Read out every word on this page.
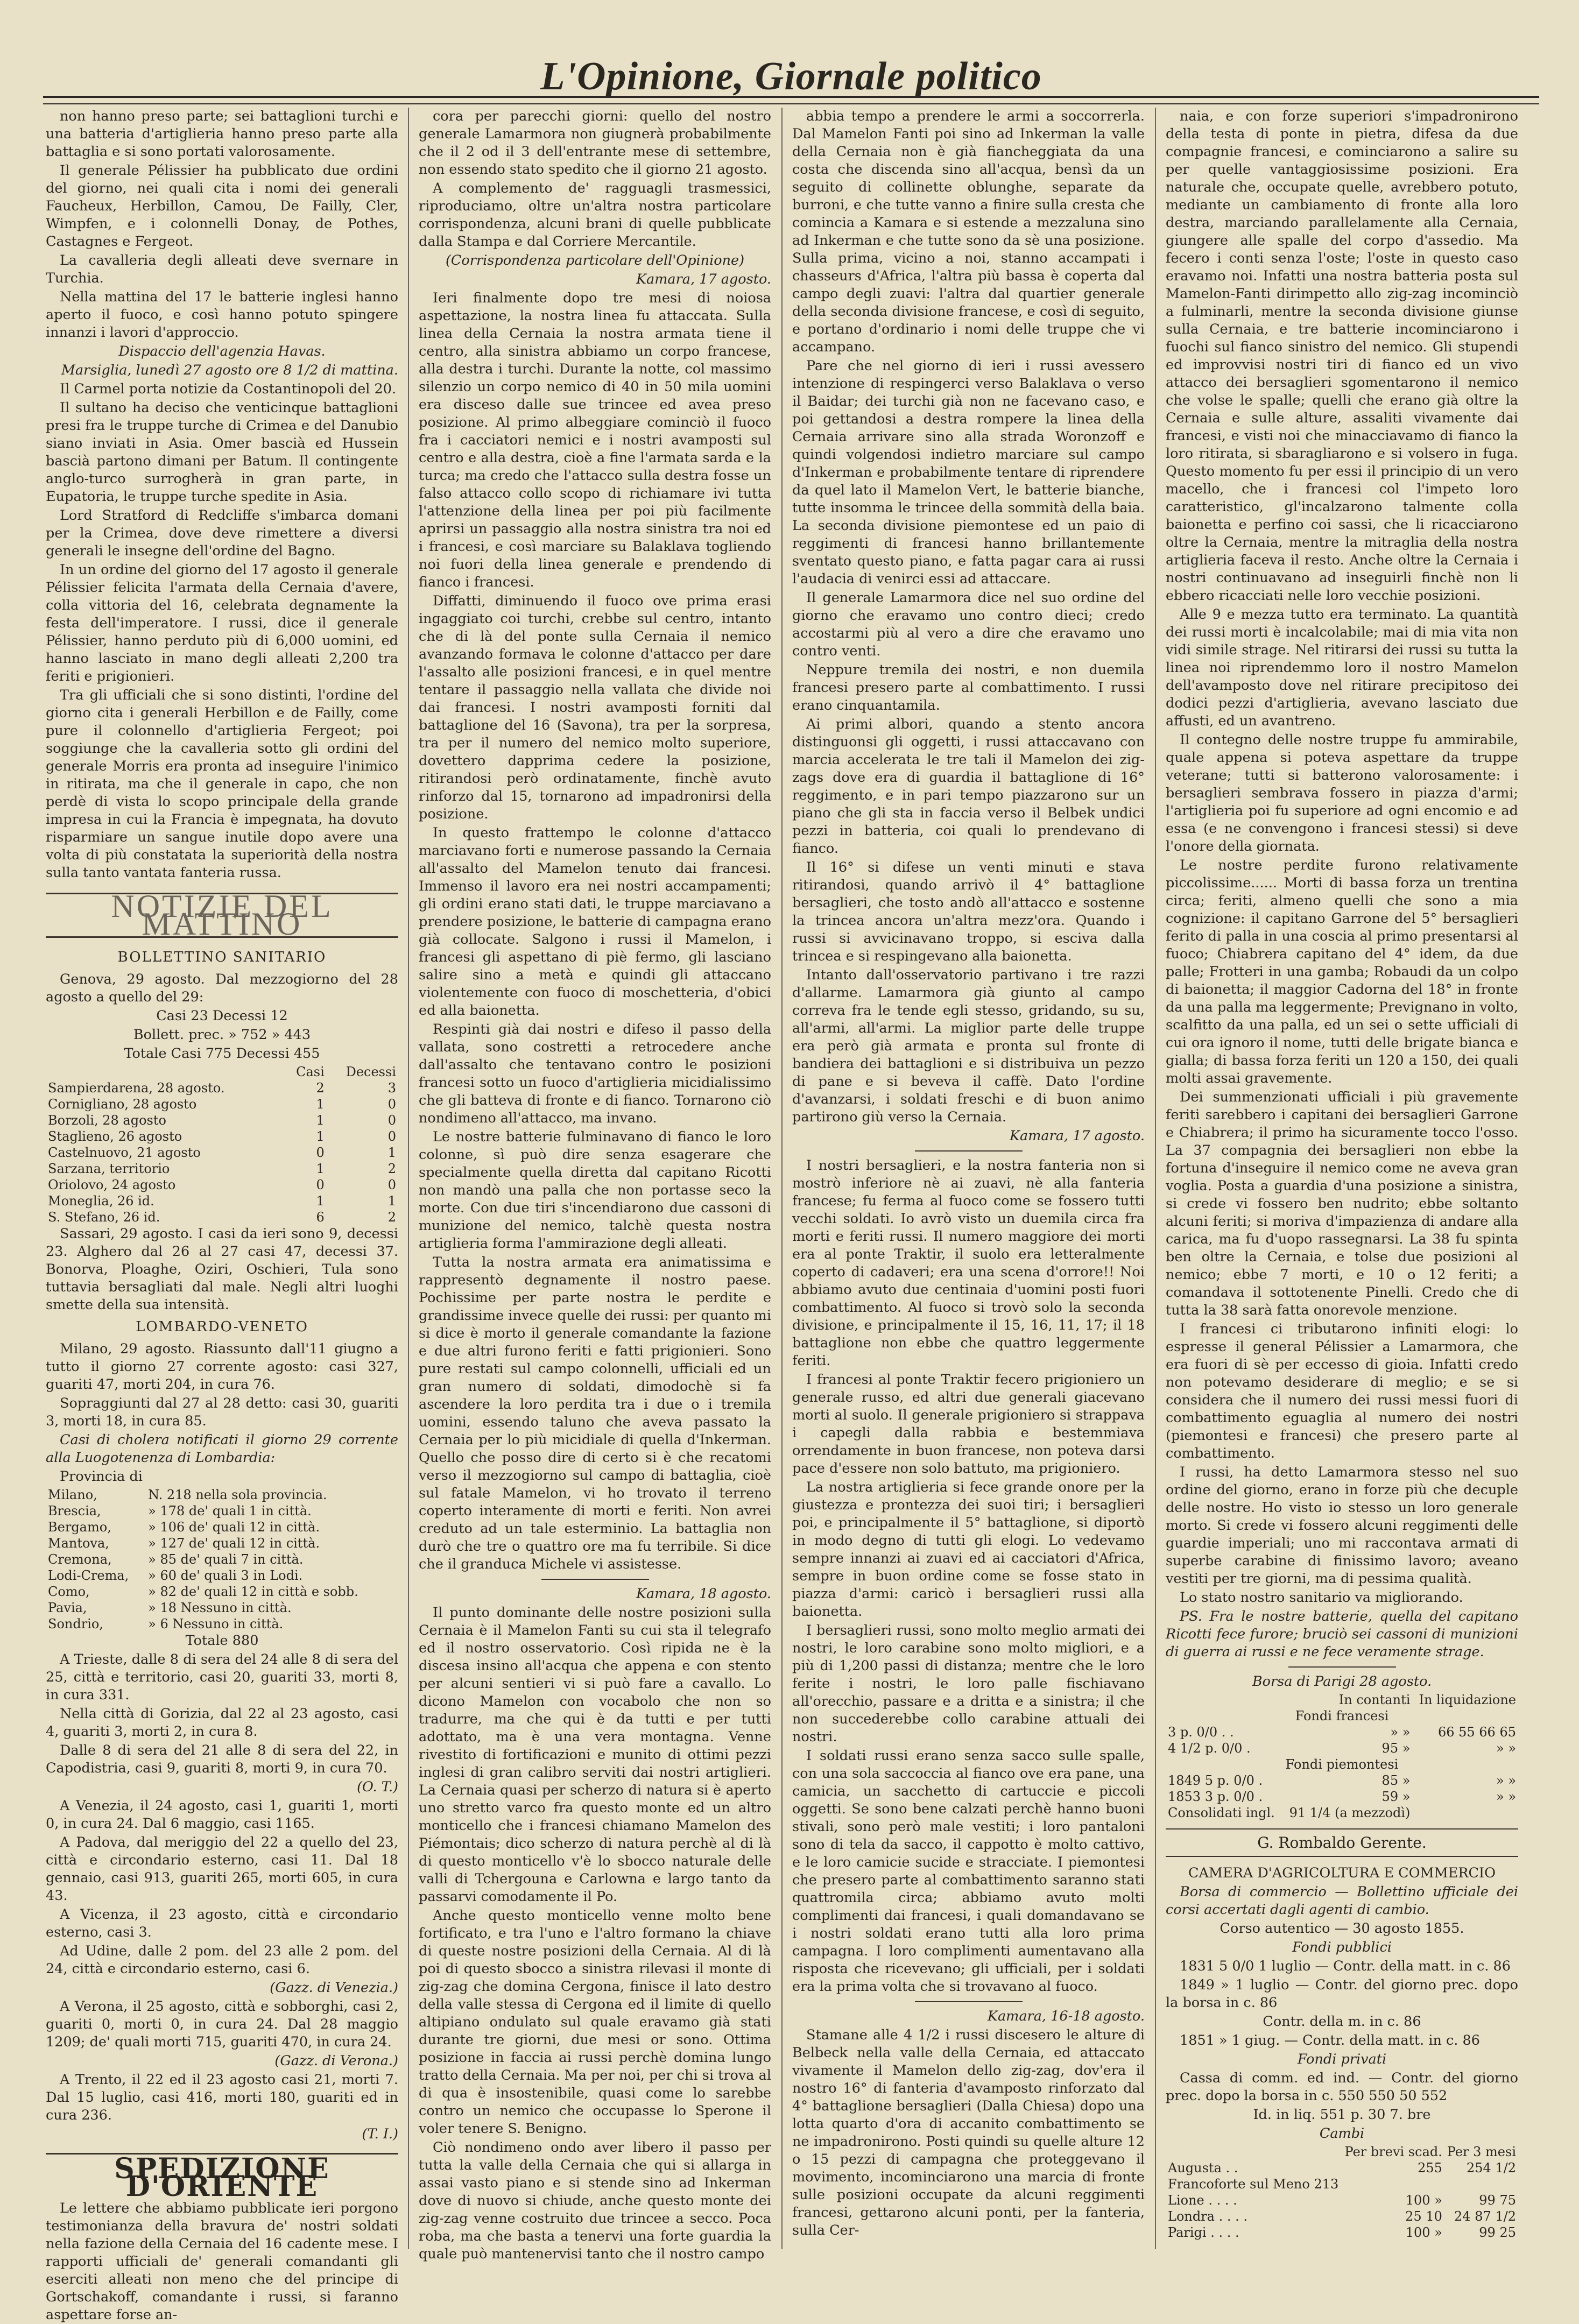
L'Opinione, Giornale politico

non hanno preso parte; sei battaglioni turchi e una batteria d'artiglieria hanno preso parte alla battaglia e si sono portati valorosamente.

Il generale Pélissier ha pubblicato due ordini del giorno, nei quali cita i nomi dei generali Faucheux, Herbillon, Camou, De Failly, Cler, Wimpfen, e i colonnelli Donay, de Pothes, Castagnes e Fergeot.

La cavalleria degli alleati deve svernare in Turchia.

Nella mattina del 17 le batterie inglesi hanno aperto il fuoco, e così hanno potuto spingere innanzi i lavori d'approccio.

Dispaccio dell'agenzia Havas.

Marsiglia, lunedì 27 agosto ore 8 1/2 di mattina.

Il Carmel porta notizie da Costantinopoli del 20.

Il sultano ha deciso che venticinque battaglioni presi fra le truppe turche di Crimea e del Danubio siano inviati in Asia. Omer bascià ed Hussein bascià partono dimani per Batum. Il contingente anglo-turco surrogherà in gran parte, in Eupatoria, le truppe turche spedite in Asia.

Lord Stratford di Redcliffe s'imbarca domani per la Crimea, dove deve rimettere a diversi generali le insegne dell'ordine del Bagno.

In un ordine del giorno del 17 agosto il generale Pélissier felicita l'armata della Cernaia d'avere, colla vittoria del 16, celebrata degnamente la festa dell'imperatore. I russi, dice il generale Pélissier, hanno perduto più di 6,000 uomini, ed hanno lasciato in mano degli alleati 2,200 tra feriti e prigionieri.

Tra gli ufficiali che si sono distinti, l'ordine del giorno cita i generali Herbillon e de Failly, come pure il colonnello d'artiglieria Fergeot; poi soggiunge che la cavalleria sotto gli ordini del generale Morris era pronta ad inseguire l'inimico in ritirata, ma che il generale in capo, che non perdè di vista lo scopo principale della grande impresa in cui la Francia è impegnata, ha dovuto risparmiare un sangue inutile dopo avere una volta di più constatata la superiorità della nostra sulla tanto vantata fanteria russa.

NOTIZIE DEL MATTINO
BOLLETTINO SANITARIO

Genova, 29 agosto. Dal mezzogiorno del 28 agosto a quello del 29:

Casi 23 Decessi 12

Bollett. prec. » 752 » 443

Totale Casi 775 Decessi 455

	Casi	Decessi
Sampierdarena, 28 agosto.	2	3
Cornigliano, 28 agosto	1	0
Borzoli, 28 agosto	1	0
Staglieno, 26 agosto	1	0
Castelnuovo, 21 agosto	0	1
Sarzana, territorio	1	2
Oriolovo, 24 agosto	0	0
Moneglia, 26 id.	1	1
S. Stefano, 26 id.	6	2

Sassari, 29 agosto. I casi da ieri sono 9, decessi 23. Alghero dal 26 al 27 casi 47, decessi 37. Bonorva, Ploaghe, Oziri, Oschieri, Tula sono tuttavia bersagliati dal male. Negli altri luoghi smette della sua intensità.

LOMBARDO-VENETO

Milano, 29 agosto. Riassunto dall'11 giugno a tutto il giorno 27 corrente agosto: casi 327, guariti 47, morti 204, in cura 76.

Sopraggiunti dal 27 al 28 detto: casi 30, guariti 3, morti 18, in cura 85.

Casi di cholera notificati il giorno 29 corrente alla Luogotenenza di Lombardia:

Provincia di

Milano,	N. 218 nella sola provincia.
Brescia,	» 178 de' quali 1 in città.
Bergamo,	» 106 de' quali 12 in città.
Mantova,	» 127 de' quali 12 in città.
Cremona,	» 85 de' quali 7 in città.
Lodi-Crema,	» 60 de' quali 3 in Lodi.
Como,	» 82 de' quali 12 in città e sobb.
Pavia,	» 18 Nessuno in città.
Sondrio,	» 6 Nessuno in città.

Totale 880

A Trieste, dalle 8 di sera del 24 alle 8 di sera del 25, città e territorio, casi 20, guariti 33, morti 8, in cura 331.

Nella città di Gorizia, dal 22 al 23 agosto, casi 4, guariti 3, morti 2, in cura 8.

Dalle 8 di sera del 21 alle 8 di sera del 22, in Capodistria, casi 9, guariti 8, morti 9, in cura 70.

(O. T.)

A Venezia, il 24 agosto, casi 1, guariti 1, morti 0, in cura 24. Dal 6 maggio, casi 1165.

A Padova, dal meriggio del 22 a quello del 23, città e circondario esterno, casi 11. Dal 18 gennaio, casi 913, guariti 265, morti 605, in cura 43.

A Vicenza, il 23 agosto, città e circondario esterno, casi 3.

Ad Udine, dalle 2 pom. del 23 alle 2 pom. del 24, città e circondario esterno, casi 6.

(Gazz. di Venezia.)

A Verona, il 25 agosto, città e sobborghi, casi 2, guariti 0, morti 0, in cura 24. Dal 28 maggio 1209; de' quali morti 715, guariti 470, in cura 24.

(Gazz. di Verona.)

A Trento, il 22 ed il 23 agosto casi 21, morti 7. Dal 15 luglio, casi 416, morti 180, guariti ed in cura 236.

(T. I.)

SPEDIZIONE D'ORIENTE

Le lettere che abbiamo pubblicate ieri porgono testimonianza della bravura de' nostri soldati nella fazione della Cernaia del 16 cadente mese. I rapporti ufficiali de' generali comandanti gli eserciti alleati non meno che del principe di Gortschakoff, comandante i russi, si faranno aspettare forse an-

cora per parecchi giorni: quello del nostro generale Lamarmora non giugnerà probabilmente che il 2 od il 3 dell'entrante mese di settembre, non essendo stato spedito che il giorno 21 agosto.

A complemento de' ragguagli trasmessici, riproduciamo, oltre un'altra nostra particolare corrispondenza, alcuni brani di quelle pubblicate dalla Stampa e dal Corriere Mercantile.

(Corrispondenza particolare dell'Opinione)

Kamara, 17 agosto.

Ieri finalmente dopo tre mesi di noiosa aspettazione, la nostra linea fu attaccata. Sulla linea della Cernaia la nostra armata tiene il centro, alla sinistra abbiamo un corpo francese, alla destra i turchi. Durante la notte, col massimo silenzio un corpo nemico di 40 in 50 mila uomini era disceso dalle sue trincee ed avea preso posizione. Al primo albeggiare cominciò il fuoco fra i cacciatori nemici e i nostri avamposti sul centro e alla destra, cioè a fine l'armata sarda e la turca; ma credo che l'attacco sulla destra fosse un falso attacco collo scopo di richiamare ivi tutta l'attenzione della linea per poi più facilmente aprirsi un passaggio alla nostra sinistra tra noi ed i francesi, e così marciare su Balaklava togliendo noi fuori della linea generale e prendendo di fianco i francesi.

Diffatti, diminuendo il fuoco ove prima erasi ingaggiato coi turchi, crebbe sul centro, intanto che di là del ponte sulla Cernaia il nemico avanzando formava le colonne d'attacco per dare l'assalto alle posizioni francesi, e in quel mentre tentare il passaggio nella vallata che divide noi dai francesi. I nostri avamposti forniti dal battaglione del 16 (Savona), tra per la sorpresa, tra per il numero del nemico molto superiore, dovettero dapprima cedere la posizione, ritirandosi però ordinatamente, finchè avuto rinforzo dal 15, tornarono ad impadronirsi della posizione.

In questo frattempo le colonne d'attacco marciavano forti e numerose passando la Cernaia all'assalto del Mamelon tenuto dai francesi. Immenso il lavoro era nei nostri accampamenti; gli ordini erano stati dati, le truppe marciavano a prendere posizione, le batterie di campagna erano già collocate. Salgono i russi il Mamelon, i francesi gli aspettano di piè fermo, gli lasciano salire sino a metà e quindi gli attaccano violentemente con fuoco di moschetteria, d'obici ed alla baionetta.

Respinti già dai nostri e difeso il passo della vallata, sono costretti a retrocedere anche dall'assalto che tentavano contro le posizioni francesi sotto un fuoco d'artiglieria micidialissimo che gli batteva di fronte e di fianco. Tornarono ciò nondimeno all'attacco, ma invano.

Le nostre batterie fulminavano di fianco le loro colonne, sì può dire senza esagerare che specialmente quella diretta dal capitano Ricotti non mandò una palla che non portasse seco la morte. Con due tiri s'incendiarono due cassoni di munizione del nemico, talchè questa nostra artiglieria forma l'ammirazione degli alleati.

Tutta la nostra armata era animatissima e rappresentò degnamente il nostro paese. Pochissime per parte nostra le perdite e grandissime invece quelle dei russi: per quanto mi si dice è morto il generale comandante la fazione e due altri furono feriti e fatti prigionieri. Sono pure restati sul campo colonnelli, ufficiali ed un gran numero di soldati, dimodochè si fa ascendere la loro perdita tra i due o i tremila uomini, essendo taluno che aveva passato la Cernaia per lo più micidiale di quella d'Inkerman. Quello che posso dire di certo si è che recatomi verso il mezzogiorno sul campo di battaglia, cioè sul fatale Mamelon, vi ho trovato il terreno coperto interamente di morti e feriti. Non avrei creduto ad un tale esterminio. La battaglia non durò che tre o quattro ore ma fu terribile. Si dice che il granduca Michele vi assistesse.

Kamara, 18 agosto.

Il punto dominante delle nostre posizioni sulla Cernaia è il Mamelon Fanti su cui sta il telegrafo ed il nostro osservatorio. Così ripida ne è la discesa insino all'acqua che appena e con stento per alcuni sentieri vi si può fare a cavallo. Lo dicono Mamelon con vocabolo che non so tradurre, ma che qui è da tutti e per tutti adottato, ma è una vera montagna. Venne rivestito di fortificazioni e munito di ottimi pezzi inglesi di gran calibro serviti dai nostri artiglieri. La Cernaia quasi per scherzo di natura si è aperto uno stretto varco fra questo monte ed un altro monticello che i francesi chiamano Mamelon des Piémontais; dico scherzo di natura perchè al di là di questo monticello v'è lo sbocco naturale delle valli di Tchergouna e Carlowna e largo tanto da passarvi comodamente il Po.

Anche questo monticello venne molto bene fortificato, e tra l'uno e l'altro formano la chiave di queste nostre posizioni della Cernaia. Al di là poi di questo sbocco a sinistra rilevasi il monte di zig-zag che domina Cergona, finisce il lato destro della valle stessa di Cergona ed il limite di quello altipiano ondulato sul quale eravamo già stati durante tre giorni, due mesi or sono. Ottima posizione in faccia ai russi perchè domina lungo tratto della Cernaia. Ma per noi, per chi si trova al di qua è insostenibile, quasi come lo sarebbe contro un nemico che occupasse lo Sperone il voler tenere S. Benigno.

Ciò nondimeno ondo aver libero il passo per tutta la valle della Cernaia che qui si allarga in assai vasto piano e si stende sino ad Inkerman dove di nuovo si chiude, anche questo monte dei zig-zag venne costruito due trincee a secco. Poca roba, ma che basta a tenervi una forte guardia la quale può mantenervisi tanto che il nostro campo

abbia tempo a prendere le armi a soccorrerla. Dal Mamelon Fanti poi sino ad Inkerman la valle della Cernaia non è già fiancheggiata da una costa che discenda sino all'acqua, bensì da un seguito di collinette oblunghe, separate da burroni, e che tutte vanno a finire sulla cresta che comincia a Kamara e si estende a mezzaluna sino ad Inkerman e che tutte sono da sè una posizione. Sulla prima, vicino a noi, stanno accampati i chasseurs d'Africa, l'altra più bassa è coperta dal campo degli zuavi: l'altra dal quartier generale della seconda divisione francese, e così di seguito, e portano d'ordinario i nomi delle truppe che vi accampano.

Pare che nel giorno di ieri i russi avessero intenzione di respingerci verso Balaklava o verso il Baidar; dei turchi già non ne facevano caso, e poi gettandosi a destra rompere la linea della Cernaia arrivare sino alla strada Woronzoff e quindi volgendosi indietro marciare sul campo d'Inkerman e probabilmente tentare di riprendere da quel lato il Mamelon Vert, le batterie bianche, tutte insomma le trincee della sommità della baia. La seconda divisione piemontese ed un paio di reggimenti di francesi hanno brillantemente sventato questo piano, e fatta pagar cara ai russi l'audacia di venirci essi ad attaccare.

Il generale Lamarmora dice nel suo ordine del giorno che eravamo uno contro dieci; credo accostarmi più al vero a dire che eravamo uno contro venti.

Neppure tremila dei nostri, e non duemila francesi presero parte al combattimento. I russi erano cinquantamila.

Ai primi albori, quando a stento ancora distinguonsi gli oggetti, i russi attaccavano con marcia accelerata le tre tali il Mamelon dei zig-zags dove era di guardia il battaglione di 16° reggimento, e in pari tempo piazzarono sur un piano che gli sta in faccia verso il Belbek undici pezzi in batteria, coi quali lo prendevano di fianco.

Il 16° si difese un venti minuti e stava ritirandosi, quando arrivò il 4° battaglione bersaglieri, che tosto andò all'attacco e sostenne la trincea ancora un'altra mezz'ora. Quando i russi si avvicinavano troppo, si esciva dalla trincea e si respingevano alla baionetta.

Intanto dall'osservatorio partivano i tre razzi d'allarme. Lamarmora già giunto al campo correva fra le tende egli stesso, gridando, su su, all'armi, all'armi. La miglior parte delle truppe era però già armata e pronta sul fronte di bandiera dei battaglioni e si distribuiva un pezzo di pane e si beveva il caffè. Dato l'ordine d'avanzarsi, i soldati freschi e di buon animo partirono giù verso la Cernaia.

Kamara, 17 agosto.

I nostri bersaglieri, e la nostra fanteria non si mostrò inferiore nè ai zuavi, nè alla fanteria francese; fu ferma al fuoco come se fossero tutti vecchi soldati. Io avrò visto un duemila circa fra morti e feriti russi. Il numero maggiore dei morti era al ponte Traktir, il suolo era letteralmente coperto di cadaveri; era una scena d'orrore!! Noi abbiamo avuto due centinaia d'uomini posti fuori combattimento. Al fuoco si trovò solo la seconda divisione, e principalmente il 15, 16, 11, 17; il 18 battaglione non ebbe che quattro leggermente feriti.

I francesi al ponte Traktir fecero prigioniero un generale russo, ed altri due generali giacevano morti al suolo. Il generale prigioniero si strappava i capegli dalla rabbia e bestemmiava orrendamente in buon francese, non poteva darsi pace d'essere non solo battuto, ma prigioniero.

La nostra artiglieria si fece grande onore per la giustezza e prontezza dei suoi tiri; i bersaglieri poi, e principalmente il 5° battaglione, si diportò in modo degno di tutti gli elogi. Lo vedevamo sempre innanzi ai zuavi ed ai cacciatori d'Africa, sempre in buon ordine come se fosse stato in piazza d'armi: caricò i bersaglieri russi alla baionetta.

I bersaglieri russi, sono molto meglio armati dei nostri, le loro carabine sono molto migliori, e a più di 1,200 passi di distanza; mentre che le loro ferite i nostri, le loro palle fischiavano all'orecchio, passare e a dritta e a sinistra; il che non succederebbe collo carabine attuali dei nostri.

I soldati russi erano senza sacco sulle spalle, con una sola saccoccia al fianco ove era pane, una camicia, un sacchetto di cartuccie e piccoli oggetti. Se sono bene calzati perchè hanno buoni stivali, sono però male vestiti; i loro pantaloni sono di tela da sacco, il cappotto è molto cattivo, e le loro camicie sucide e stracciate. I piemontesi che presero parte al combattimento saranno stati quattromila circa; abbiamo avuto molti complimenti dai francesi, i quali domandavano se i nostri soldati erano tutti alla loro prima campagna. I loro complimenti aumentavano alla risposta che ricevevano; gli ufficiali, per i soldati era la prima volta che si trovavano al fuoco.

Kamara, 16-18 agosto.

Stamane alle 4 1/2 i russi discesero le alture di Belbeck nella valle della Cernaia, ed attaccato vivamente il Mamelon dello zig-zag, dov'era il nostro 16° di fanteria d'avamposto rinforzato dal 4° battaglione bersaglieri (Dalla Chiesa) dopo una lotta quarto d'ora di accanito combattimento se ne impadronirono. Posti quindi su quelle alture 12 o 15 pezzi di campagna che proteggevano il movimento, incominciarono una marcia di fronte sulle posizioni occupate da alcuni reggimenti francesi, gettarono alcuni ponti, per la fanteria, sulla Cer-

naia, e con forze superiori s'impadronirono della testa di ponte in pietra, difesa da due compagnie francesi, e cominciarono a salire su per quelle vantaggiosissime posizioni. Era naturale che, occupate quelle, avrebbero potuto, mediante un cambiamento di fronte alla loro destra, marciando parallelamente alla Cernaia, giungere alle spalle del corpo d'assedio. Ma fecero i conti senza l'oste; l'oste in questo caso eravamo noi. Infatti una nostra batteria posta sul Mamelon-Fanti dirimpetto allo zig-zag incominciò a fulminarli, mentre la seconda divisione giunse sulla Cernaia, e tre batterie incominciarono i fuochi sul fianco sinistro del nemico. Gli stupendi ed improvvisi nostri tiri di fianco ed un vivo attacco dei bersaglieri sgomentarono il nemico che volse le spalle; quelli che erano già oltre la Cernaia e sulle alture, assaliti vivamente dai francesi, e visti noi che minacciavamo di fianco la loro ritirata, si sbaragliarono e si volsero in fuga. Questo momento fu per essi il principio di un vero macello, che i francesi col l'impeto loro caratteristico, gl'incalzarono talmente colla baionetta e perfino coi sassi, che li ricacciarono oltre la Cernaia, mentre la mitraglia della nostra artiglieria faceva il resto. Anche oltre la Cernaia i nostri continuavano ad inseguirli finchè non li ebbero ricacciati nelle loro vecchie posizioni.

Alle 9 e mezza tutto era terminato. La quantità dei russi morti è incalcolabile; mai di mia vita non vidi simile strage. Nel ritirarsi dei russi su tutta la linea noi riprendemmo loro il nostro Mamelon dell'avamposto dove nel ritirare precipitoso dei dodici pezzi d'artiglieria, avevano lasciato due affusti, ed un avantreno.

Il contegno delle nostre truppe fu ammirabile, quale appena si poteva aspettare da truppe veterane; tutti si batterono valorosamente: i bersaglieri sembrava fossero in piazza d'armi; l'artiglieria poi fu superiore ad ogni encomio e ad essa (e ne convengono i francesi stessi) si deve l'onore della giornata.

Le nostre perdite furono relativamente piccolissime...... Morti di bassa forza un trentina circa; feriti, almeno quelli che sono a mia cognizione: il capitano Garrone del 5° bersaglieri ferito di palla in una coscia al primo presentarsi al fuoco; Chiabrera capitano del 4° idem, da due palle; Frotteri in una gamba; Robaudi da un colpo di baionetta; il maggior Cadorna del 18° in fronte da una palla ma leggermente; Prevignano in volto, scalfitto da una palla, ed un sei o sette ufficiali di cui ora ignoro il nome, tutti delle brigate bianca e gialla; di bassa forza feriti un 120 a 150, dei quali molti assai gravemente.

Dei summenzionati ufficiali i più gravemente feriti sarebbero i capitani dei bersaglieri Garrone e Chiabrera; il primo ha sicuramente tocco l'osso. La 37 compagnia dei bersaglieri non ebbe la fortuna d'inseguire il nemico come ne aveva gran voglia. Posta a guardia d'una posizione a sinistra, si crede vi fossero ben nudrito; ebbe soltanto alcuni feriti; si moriva d'impazienza di andare alla carica, ma fu d'uopo rassegnarsi. La 38 fu spinta ben oltre la Cernaia, e tolse due posizioni al nemico; ebbe 7 morti, e 10 o 12 feriti; a comandava il sottotenente Pinelli. Credo che di tutta la 38 sarà fatta onorevole menzione.

I francesi ci tributarono infiniti elogi: lo espresse il general Pélissier a Lamarmora, che era fuori di sè per eccesso di gioia. Infatti credo non potevamo desiderare di meglio; e se si considera che il numero dei russi messi fuori di combattimento eguaglia al numero dei nostri (piemontesi e francesi) che presero parte al combattimento.

I russi, ha detto Lamarmora stesso nel suo ordine del giorno, erano in forze più che decuple delle nostre. Ho visto io stesso un loro generale morto. Si crede vi fossero alcuni reggimenti delle guardie imperiali; uno mi raccontava armati di superbe carabine di finissimo lavoro; aveano vestiti per tre giorni, ma di pessima qualità.

Lo stato nostro sanitario va migliorando.

PS. Fra le nostre batterie, quella del capitano Ricotti fece furore; bruciò sei cassoni di munizioni di guerra ai russi e ne fece veramente strage.

Borsa di Parigi 28 agosto.

	In contanti	In liquidazione
Fondi francesi		
3 p. 0/0 . .	» »	66 55 66 65
4 1/2 p. 0/0 .	95 »	» »
Fondi piemontesi		
1849 5 p. 0/0 .	85 »	» »
1853 3 p. 0/0 .	59 »	» »
Consolidati ingl.	91 1/4 (a mezzodì)	
G. Rombaldo Gerente.

CAMERA D'AGRICOLTURA E COMMERCIO

Borsa di commercio — Bollettino ufficiale dei corsi accertati dagli agenti di cambio.

Corso autentico — 30 agosto 1855.

Fondi pubblici

1831 5 0/0 1 luglio — Contr. della matt. in c. 86

1849 » 1 luglio — Contr. del giorno prec. dopo la borsa in c. 86

Contr. della m. in c. 86

1851 » 1 giug. — Contr. della matt. in c. 86

Fondi privati

Cassa di comm. ed ind. — Contr. del giorno prec. dopo la borsa in c. 550 550 50 552

Id. in liq. 551 p. 30 7. bre

Cambi

	Per brevi scad.	Per 3 mesi
Augusta . .	255	254 1/2
Francoforte sul Meno 213		
Lione . . . .	100 »	99 75
Londra . . . .	25 10	24 87 1/2
Parigi . . . .	100 »	99 25
